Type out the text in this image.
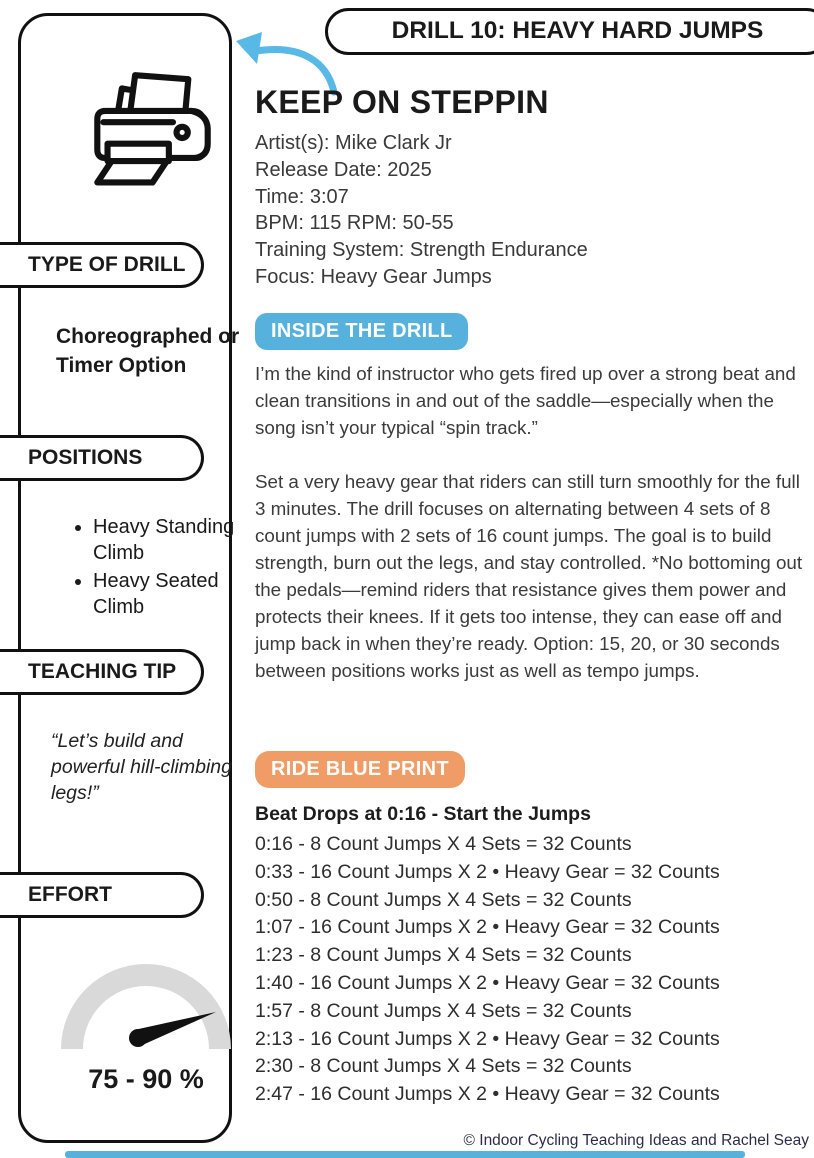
Choreographed or Timer Option
• Heavy Standing Climb
• Heavy Seated Climb
“Let’s build and powerful hill-climbing legs!”
75 - 90 %
TYPE OF DRILL
POSITIONS
TEACHING TIP
EFFORT
DRILL 10: HEAVY HARD JUMPS
KEEP ON STEPPIN
Artist(s): Mike Clark Jr
Release Date: 2025
Time: 3:07
BPM: 115 RPM: 50-55
Training System: Strength Endurance
Focus: Heavy Gear Jumps
INSIDE THE DRILL

I’m the kind of instructor who gets fired up over a strong beat and clean transitions in and out of the saddle—especially when the song isn’t your typical “spin track.”

Set a very heavy gear that riders can still turn smoothly for the full 3 minutes. The drill focuses on alternating between 4 sets of 8 count jumps with 2 sets of 16 count jumps. The goal is to build strength, burn out the legs, and stay controlled. *No bottoming out the pedals—remind riders that resistance gives them power and protects their knees. If it gets too intense, they can ease off and jump back in when they’re ready. Option: 15, 20, or 30 seconds between positions works just as well as tempo jumps.

RIDE BLUE PRINT
Beat Drops at 0:16 - Start the Jumps
0:16 - 8 Count Jumps X 4 Sets = 32 Counts
0:33 - 16 Count Jumps X 2 • Heavy Gear = 32 Counts
0:50 - 8 Count Jumps X 4 Sets = 32 Counts
1:07 - 16 Count Jumps X 2 • Heavy Gear = 32 Counts
1:23 - 8 Count Jumps X 4 Sets = 32 Counts
1:40 - 16 Count Jumps X 2 • Heavy Gear = 32 Counts
1:57 - 8 Count Jumps X 4 Sets = 32 Counts
2:13 - 16 Count Jumps X 2 • Heavy Gear = 32 Counts
2:30 - 8 Count Jumps X 4 Sets = 32 Counts
2:47 - 16 Count Jumps X 2 • Heavy Gear = 32 Counts
© Indoor Cycling Teaching Ideas and Rachel Seay
